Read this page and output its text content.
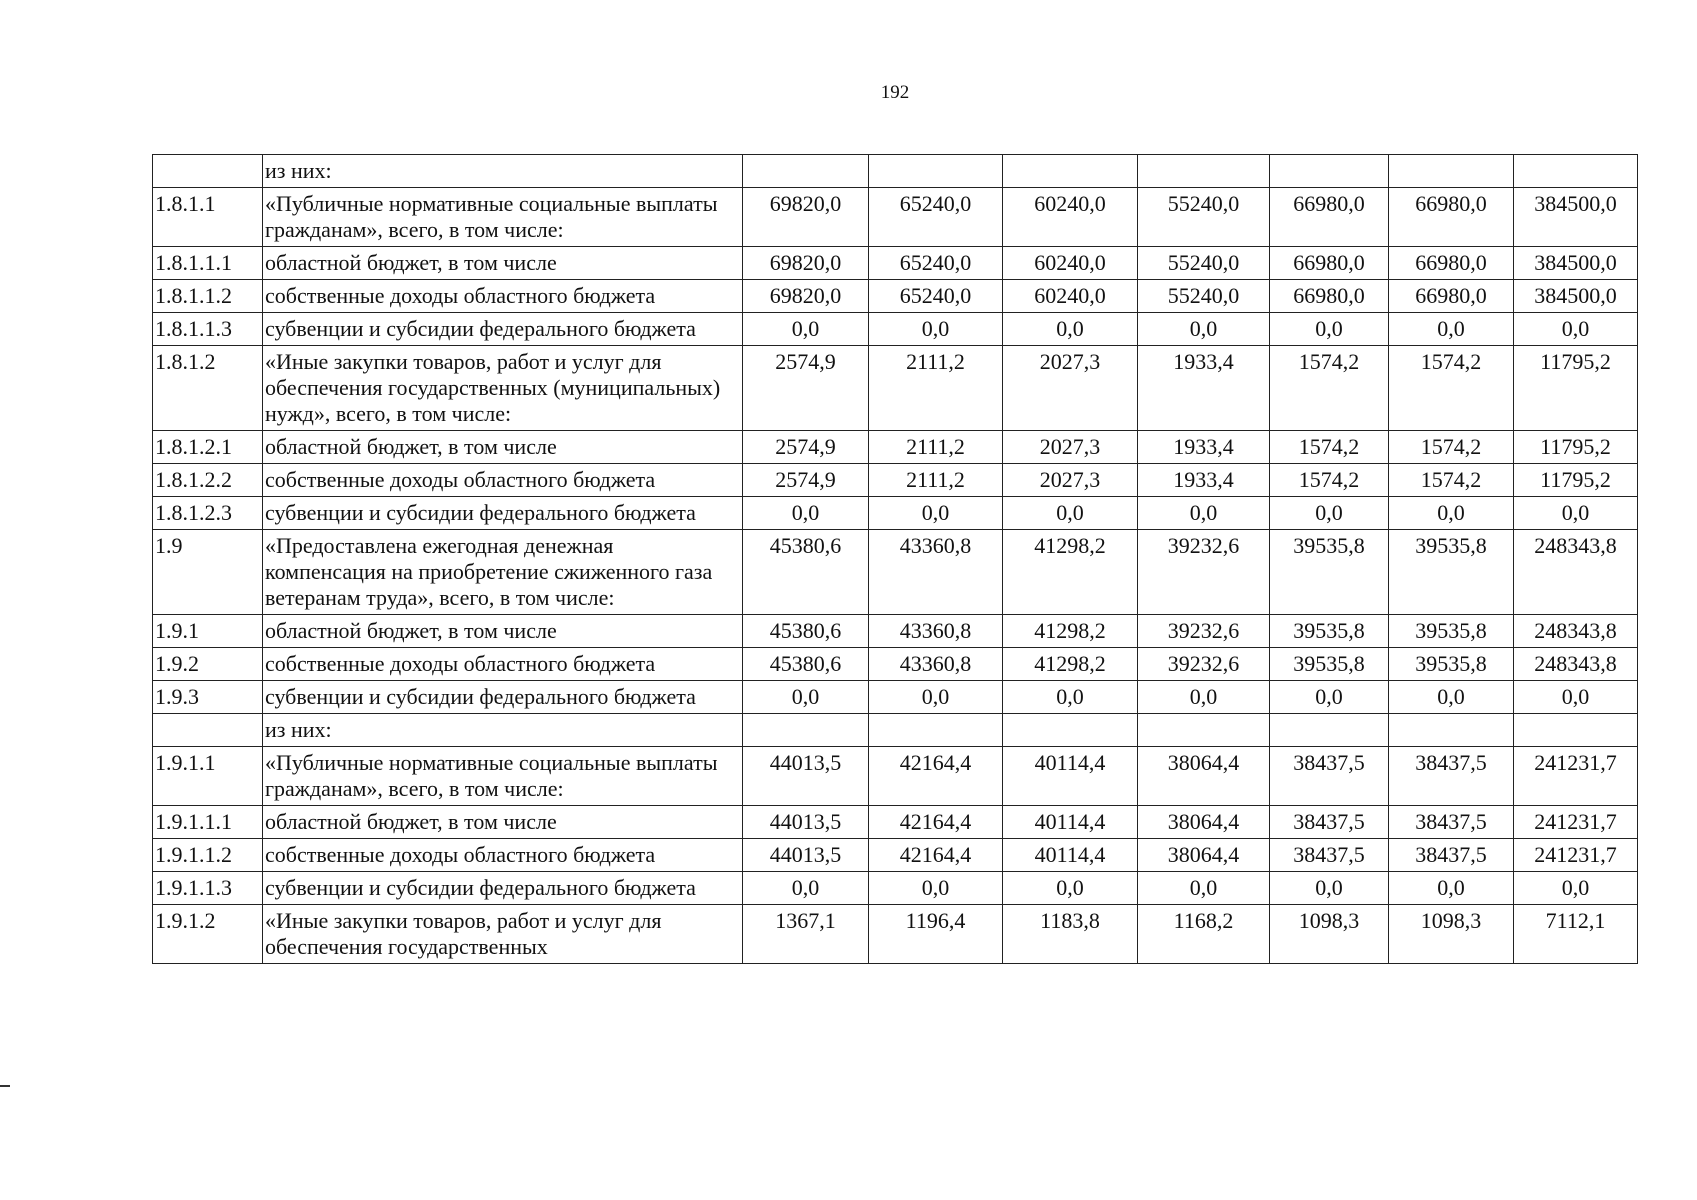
192
	из них:							
1.8.1.1	«Публичные нормативные социальные выплаты гражданам», всего, в том числе:	69820,0	65240,0	60240,0	55240,0	66980,0	66980,0	384500,0
1.8.1.1.1	областной бюджет, в том числе	69820,0	65240,0	60240,0	55240,0	66980,0	66980,0	384500,0
1.8.1.1.2	собственные доходы областного бюджета	69820,0	65240,0	60240,0	55240,0	66980,0	66980,0	384500,0
1.8.1.1.3	субвенции и субсидии федерального бюджета	0,0	0,0	0,0	0,0	0,0	0,0	0,0
1.8.1.2	«Иные закупки товаров, работ и услуг для обеспечения государственных (муниципальных) нужд», всего, в том числе:	2574,9	2111,2	2027,3	1933,4	1574,2	1574,2	11795,2
1.8.1.2.1	областной бюджет, в том числе	2574,9	2111,2	2027,3	1933,4	1574,2	1574,2	11795,2
1.8.1.2.2	собственные доходы областного бюджета	2574,9	2111,2	2027,3	1933,4	1574,2	1574,2	11795,2
1.8.1.2.3	субвенции и субсидии федерального бюджета	0,0	0,0	0,0	0,0	0,0	0,0	0,0
1.9	«Предоставлена ежегодная денежная компенсация на приобретение сжиженного газа ветеранам труда», всего, в том числе:	45380,6	43360,8	41298,2	39232,6	39535,8	39535,8	248343,8
1.9.1	областной бюджет, в том числе	45380,6	43360,8	41298,2	39232,6	39535,8	39535,8	248343,8
1.9.2	собственные доходы областного бюджета	45380,6	43360,8	41298,2	39232,6	39535,8	39535,8	248343,8
1.9.3	субвенции и субсидии федерального бюджета	0,0	0,0	0,0	0,0	0,0	0,0	0,0
	из них:							
1.9.1.1	«Публичные нормативные социальные выплаты гражданам», всего, в том числе:	44013,5	42164,4	40114,4	38064,4	38437,5	38437,5	241231,7
1.9.1.1.1	областной бюджет, в том числе	44013,5	42164,4	40114,4	38064,4	38437,5	38437,5	241231,7
1.9.1.1.2	собственные доходы областного бюджета	44013,5	42164,4	40114,4	38064,4	38437,5	38437,5	241231,7
1.9.1.1.3	субвенции и субсидии федерального бюджета	0,0	0,0	0,0	0,0	0,0	0,0	0,0
1.9.1.2	«Иные закупки товаров, работ и услуг для обеспечения государственных	1367,1	1196,4	1183,8	1168,2	1098,3	1098,3	7112,1
